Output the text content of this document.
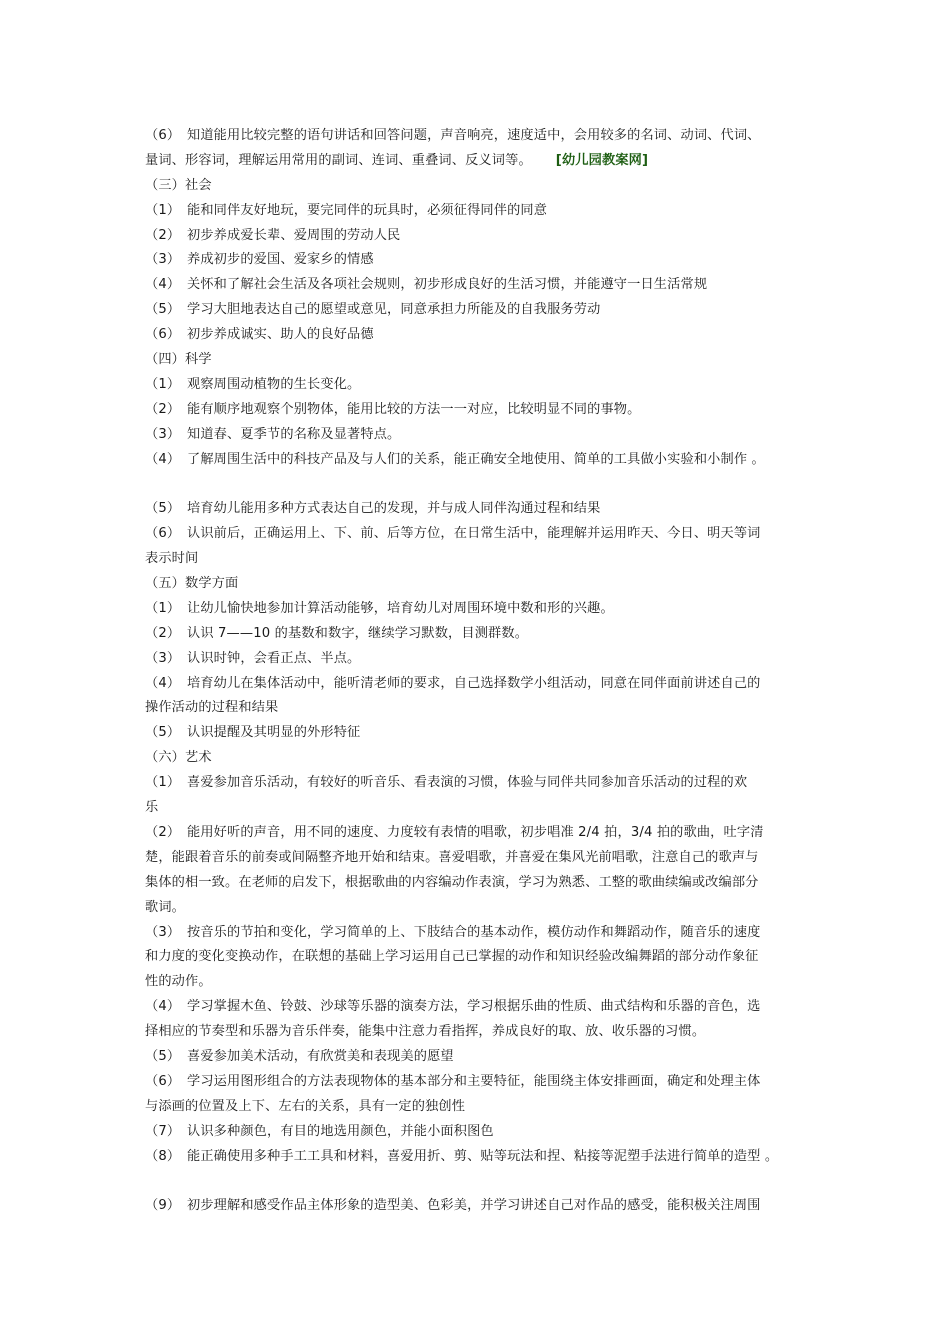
（6） 知道能用比较完整的语句讲话和回答问题，声音响亮，速度适中，会用较多的名词、动词、代词、
量词、形容词，理解运用常用的副词、连词、重叠词、反义词等。 [幼儿园教案网]
（三）社会
（1） 能和同伴友好地玩，要完同伴的玩具时，必须征得同伴的同意
（2） 初步养成爱长辈、爱周围的劳动人民
（3） 养成初步的爱国、爱家乡的情感
（4） 关怀和了解社会生活及各项社会规则，初步形成良好的生活习惯，并能遵守一日生活常规
（5） 学习大胆地表达自己的愿望或意见，同意承担力所能及的自我服务劳动
（6） 初步养成诚实、助人的良好品德
（四）科学
（1） 观察周围动植物的生长变化。
（2） 能有顺序地观察个别物体，能用比较的方法一一对应，比较明显不同的事物。
（3） 知道春、夏季节的名称及显著特点。
（4） 了解周围生活中的科技产品及与人们的关系，能正确安全地使用、简单的工具做小实验和小制作 。
（5） 培育幼儿能用多种方式表达自己的发现，并与成人同伴沟通过程和结果
（6） 认识前后，正确运用上、下、前、后等方位，在日常生活中，能理解并运用昨天、今日、明天等词
表示时间
（五）数学方面
（1） 让幼儿愉快地参加计算活动能够，培育幼儿对周围环境中数和形的兴趣。
（2） 认识 7——10 的基数和数字，继续学习默数，目测群数。
（3） 认识时钟，会看正点、半点。
（4） 培育幼儿在集体活动中，能听清老师的要求，自己选择数学小组活动，同意在同伴面前讲述自己的
操作活动的过程和结果
（5） 认识提醒及其明显的外形特征
（六）艺术
（1） 喜爱参加音乐活动，有较好的听音乐、看表演的习惯，体验与同伴共同参加音乐活动的过程的欢
乐
（2） 能用好听的声音，用不同的速度、力度较有表情的唱歌，初步唱准 2/4 拍，3/4 拍的歌曲，吐字清
楚，能跟着音乐的前奏或间隔整齐地开始和结束。喜爱唱歌，并喜爱在集风光前唱歌，注意自己的歌声与
集体的相一致。在老师的启发下，根据歌曲的内容编动作表演，学习为熟悉、工整的歌曲续编或改编部分
歌词。
（3） 按音乐的节拍和变化，学习简单的上、下肢结合的基本动作，模仿动作和舞蹈动作，随音乐的速度
和力度的变化变换动作，在联想的基础上学习运用自己已掌握的动作和知识经验改编舞蹈的部分动作象征
性的动作。
（4） 学习掌握木鱼、铃鼓、沙球等乐器的演奏方法，学习根据乐曲的性质、曲式结构和乐器的音色，选
择相应的节奏型和乐器为音乐伴奏，能集中注意力看指挥，养成良好的取、放、收乐器的习惯。
（5） 喜爱参加美术活动，有欣赏美和表现美的愿望
（6） 学习运用图形组合的方法表现物体的基本部分和主要特征，能围绕主体安排画面，确定和处理主体
与添画的位置及上下、左右的关系，具有一定的独创性
（7） 认识多种颜色，有目的地选用颜色，并能小面积图色
（8） 能正确使用多种手工工具和材料，喜爱用折、剪、贴等玩法和捏、粘接等泥塑手法进行简单的造型 。
（9） 初步理解和感受作品主体形象的造型美、色彩美，并学习讲述自己对作品的感受，能积极关注周围
